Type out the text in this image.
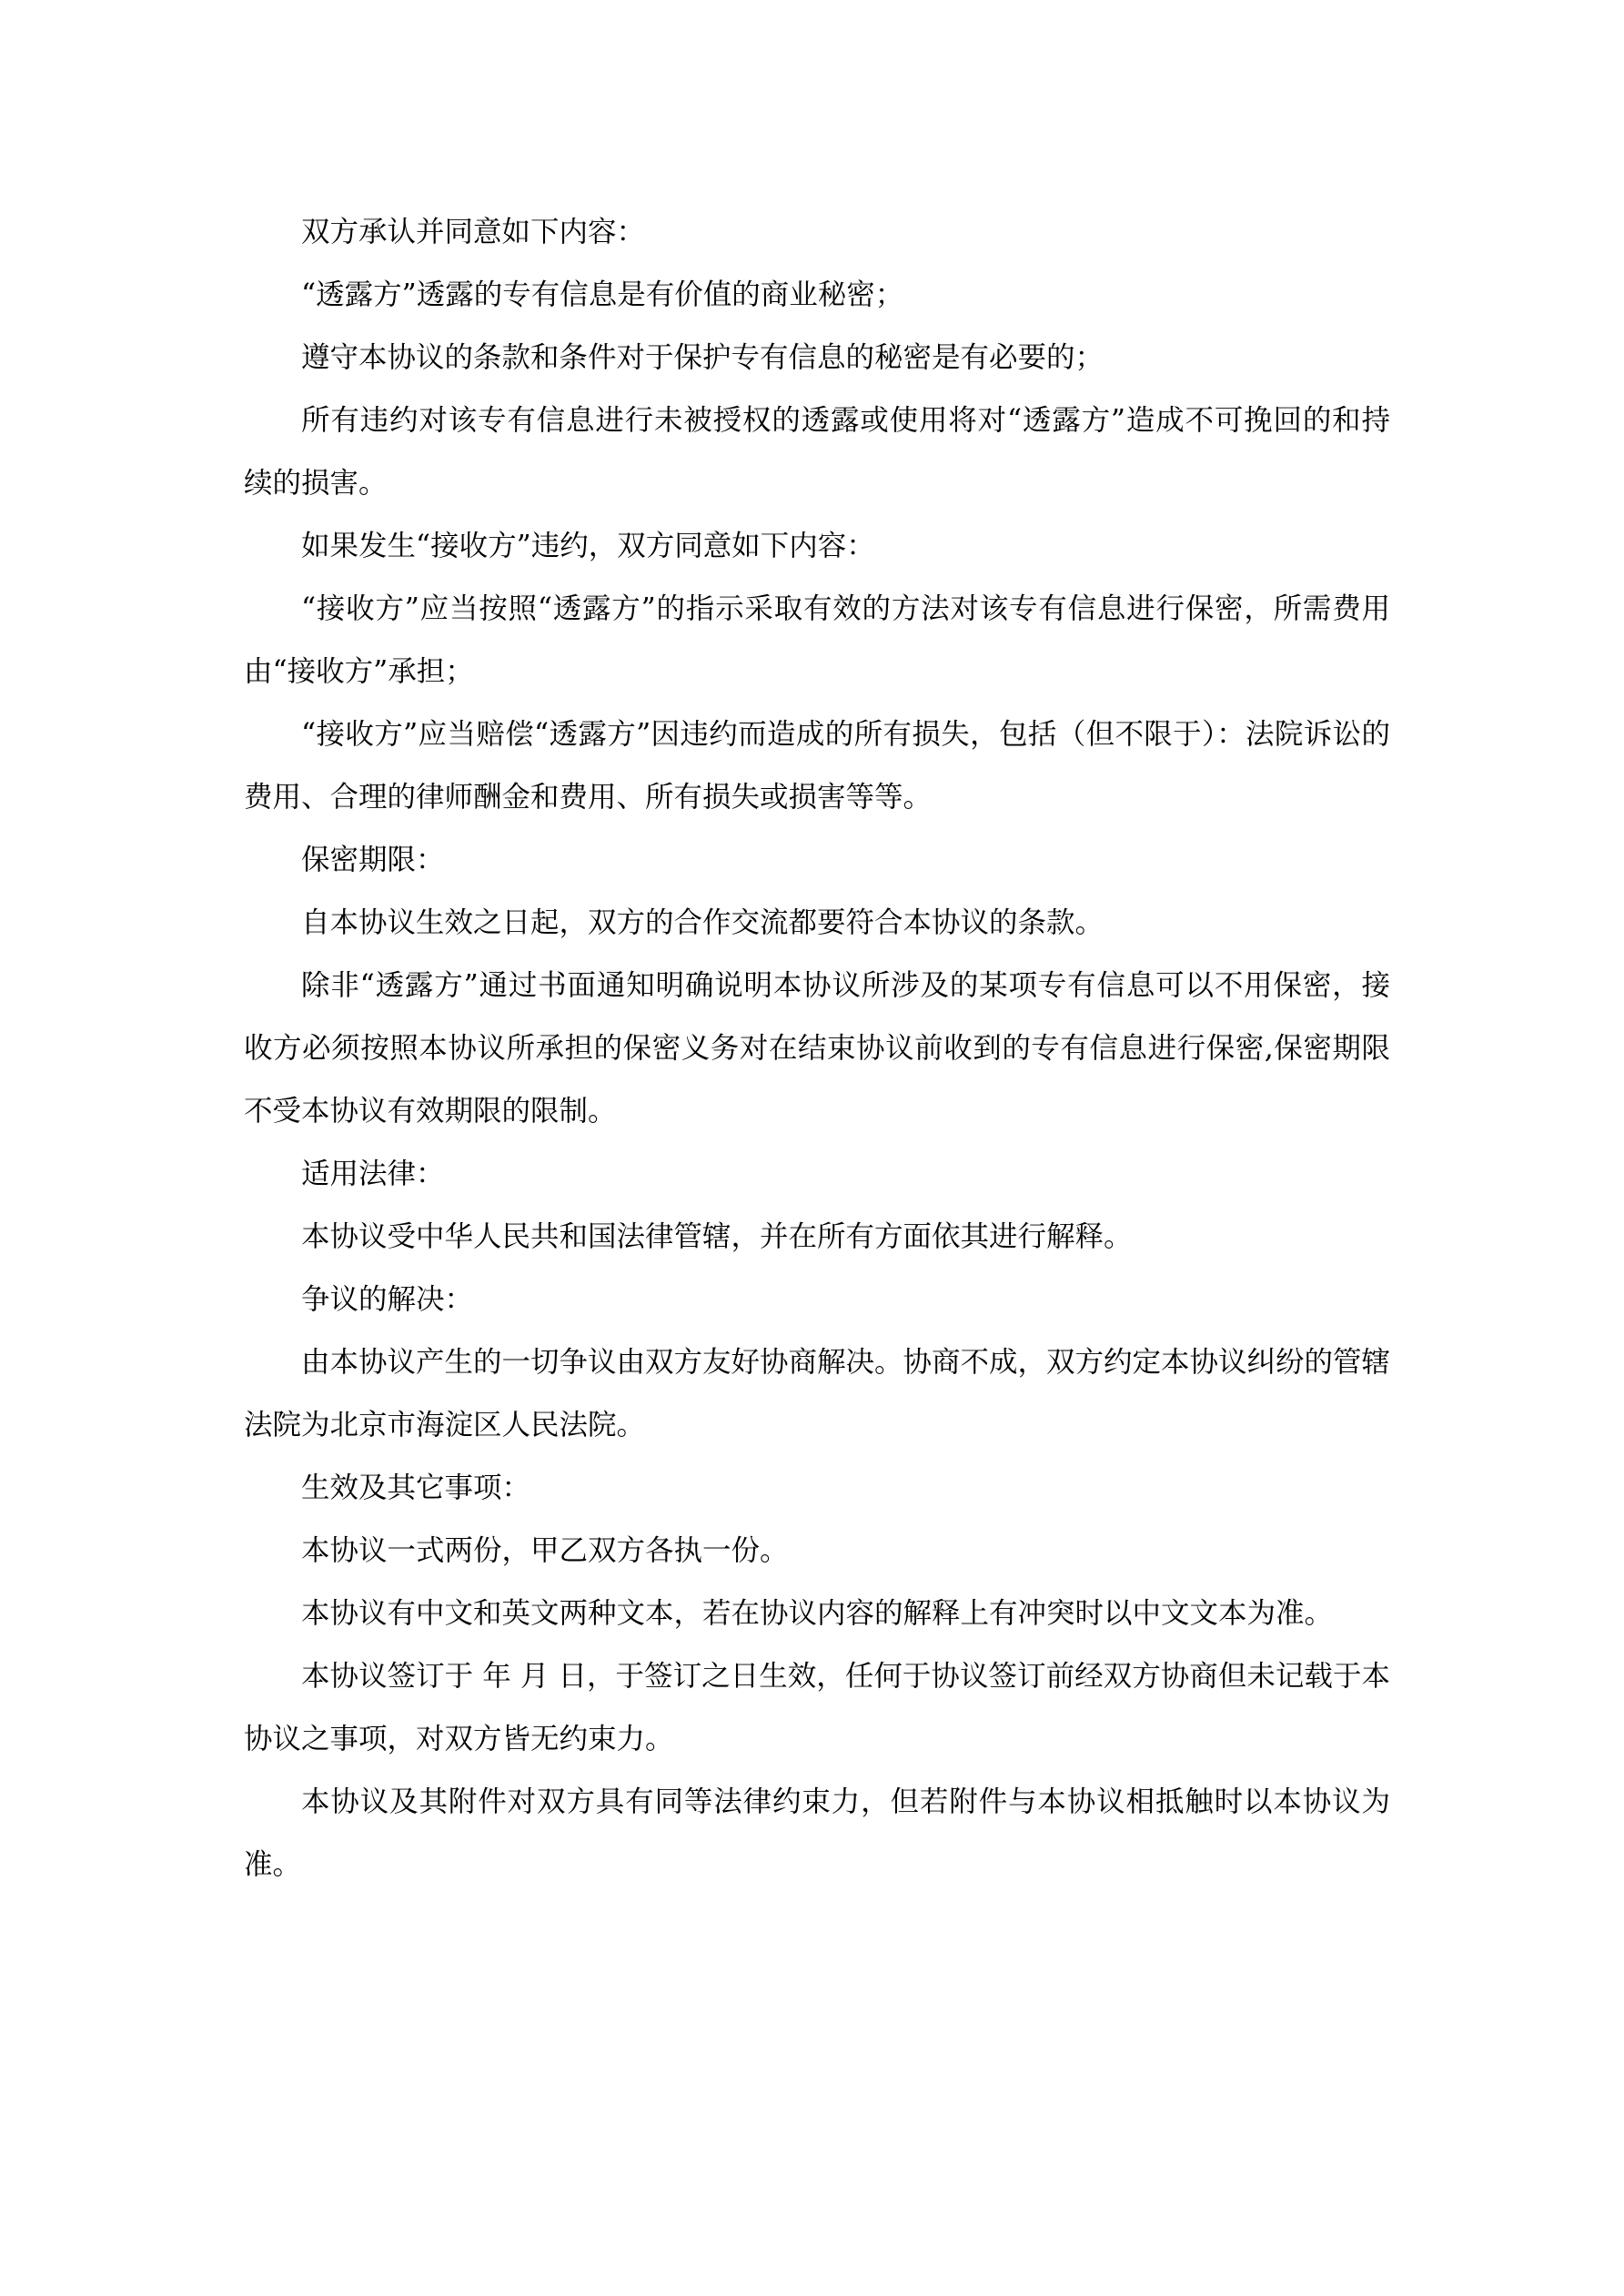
双方承认并同意如下内容：

“透露方”透露的专有信息是有价值的商业秘密；

遵守本协议的条款和条件对于保护专有信息的秘密是有必要的；

所有违约对该专有信息进行未被授权的透露或使用将对“透露方”造成不可挽回的和持续的损害。

如果发生“接收方”违约，双方同意如下内容：

“接收方”应当按照“透露方”的指示采取有效的方法对该专有信息进行保密，所需费用由“接收方”承担；

“接收方”应当赔偿“透露方”因违约而造成的所有损失，包括（但不限于）：法院诉讼的费用、合理的律师酬金和费用、所有损失或损害等等。

保密期限：

自本协议生效之日起，双方的合作交流都要符合本协议的条款。

除非“透露方”通过书面通知明确说明本协议所涉及的某项专有信息可以不用保密，接收方必须按照本协议所承担的保密义务对在结束协议前收到的专有信息进行保密,保密期限不受本协议有效期限的限制。

适用法律：

本协议受中华人民共和国法律管辖，并在所有方面依其进行解释。

争议的解决：

由本协议产生的一切争议由双方友好协商解决。协商不成，双方约定本协议纠纷的管辖法院为北京市海淀区人民法院。

生效及其它事项：

本协议一式两份，甲乙双方各执一份。

本协议有中文和英文两种文本，若在协议内容的解释上有冲突时以中文文本为准。

本协议签订于 年 月 日，于签订之日生效，任何于协议签订前经双方协商但未记载于本协议之事项，对双方皆无约束力。

本协议及其附件对双方具有同等法律约束力，但若附件与本协议相抵触时以本协议为准。
